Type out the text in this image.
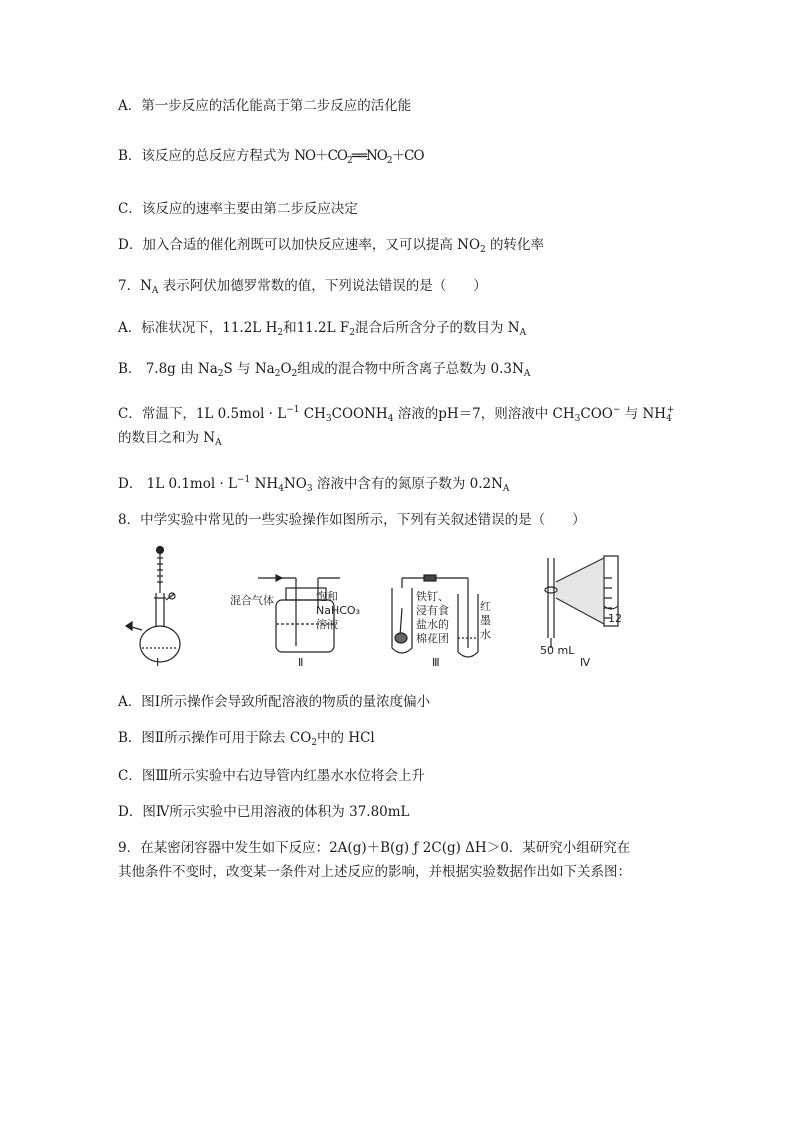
A．第一步反应的活化能高于第二步反应的活化能
B．该反应的总反应方程式为 $NO+CO_2══NO_2+CO$
C．该反应的速率主要由第二步反应决定
D．加入合适的催化剂既可以加快反应速率，又可以提高 $NO_2$ 的转化率
7．$N_A$ 表示阿伏加德罗常数的值，下列说法错误的是（　　）
A．标准状况下，11.2L $H_2$和11.2L $F_2$混合后所含分子的数目为 $N_A$
B． 7.8g 由 $Na_2S$ 与 $Na_2O_2$组成的混合物中所含离子总数为 $0.3N_A$
C．常温下，1L $0.5mol \cdot L^{-1}$ $CH_3COONH_4$ 溶液的pH＝7，则溶液中 $CH_3COO^-$ 与 $NH_4^+$
的数目之和为 $N_A$
D． 1L $0.1mol \cdot L^{-1}$ $NH_4NO_3$ 溶液中含有的氮原子数为 $0.2N_A$
8．中学实验中常见的一些实验操作如图所示，下列有关叙述错误的是（　　）
Ⅰ
混合气体	饱和
NaHCO₃
溶液
Ⅱ
铁钉、
浸有食
盐水的
棉花团
红
墨
水
Ⅲ
12
50 mL
Ⅳ
A．图Ⅰ所示操作会导致所配溶液的物质的量浓度偏小
B．图Ⅱ所示操作可用于除去 $CO_2$中的 HCl
C．图Ⅲ所示实验中右边导管内红墨水水位将会上升
D．图Ⅳ所示实验中已用溶液的体积为 37.80mL
9．在某密闭容器中发生如下反应：2A(g)＋B(g) ƒ 2C(g) ΔH＞0．某研究小组研究在
其他条件不变时，改变某一条件对上述反应的影响，并根据实验数据作出如下关系图：
